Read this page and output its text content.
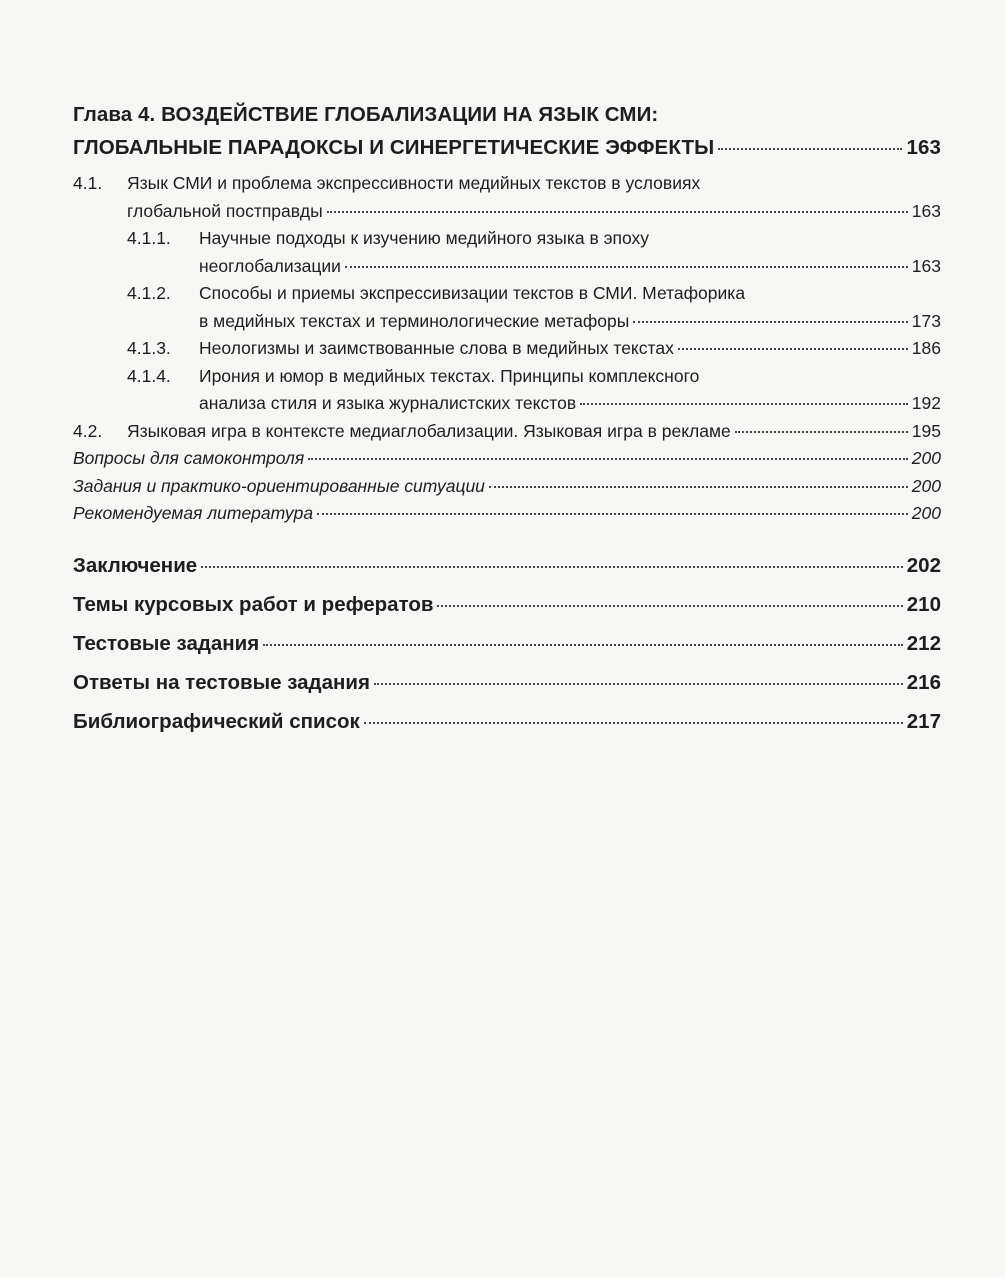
Глава 4. ВОЗДЕЙСТВИЕ ГЛОБАЛИЗАЦИИ НА ЯЗЫК СМИ:
ГЛОБАЛЬНЫЕ ПАРАДОКСЫ И СИНЕРГЕТИЧЕСКИЕ ЭФФЕКТЫ	163
4.1.	Язык СМИ и проблема экспрессивности медийных текстов в условиях
глобальной постправды	163
4.1.1. Научные подходы к изучению медийного языка в эпоху
неоглобализации	163
4.1.2. Способы и приемы экспрессивизации текстов в СМИ. Метафорика
в медийных текстах и терминологические метафоры	173
4.1.3. Неологизмы и заимствованные слова в медийных текстах	186
4.1.4. Ирония и юмор в медийных текстах. Принципы комплексного
анализа стиля и языка журналистских текстов	192
4.2.	Языковая игра в контексте медиаглобализации. Языковая игра в рекламе	195
Вопросы для самоконтроля	200
Задания и практико-ориентированные ситуации	200
Рекомендуемая литература	200
Заключение	202
Темы курсовых работ и рефератов	210
Тестовые задания	212
Ответы на тестовые задания	216
Библиографический список	217
